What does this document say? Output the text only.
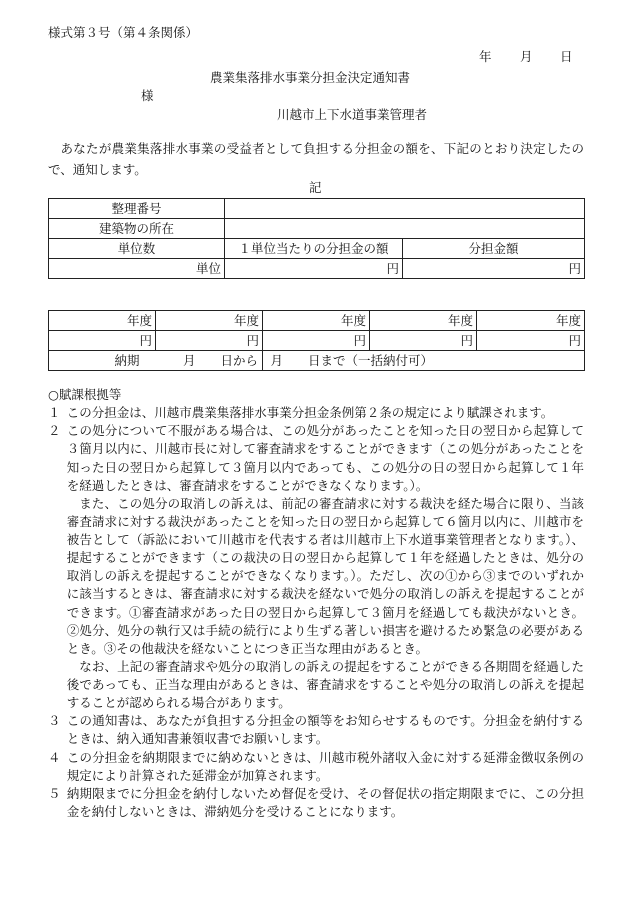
様式第３号（第４条関係）
年 月 日
農業集落排水事業分担金決定通知書
様
川越市上下水道事業管理者
あなたが農業集落排水事業の受益者として負担する分担金の額を、下記のとおり決定したので、通知します。
記
整理番号		
建築物の所在		
単位数	１単位当たりの分担金の額	分担金額
単位	円	円
年度	年度	年度	年度	年度
円	円	円	円	円
納期		月　　日から　月　　日まで（一括納付可）		

○賦課根拠等

１ この分担金は、川越市農業集落排水事業分担金条例第２条の規定により賦課されます。

２ この処分について不服がある場合は、この処分があったことを知った日の翌日から起算して３箇月以内に、川越市長に対して審査請求をすることができます（この処分があったことを知った日の翌日から起算して３箇月以内であっても、この処分の日の翌日から起算して１年を経過したときは、審査請求をすることができなくなります。）。

また、この処分の取消しの訴えは、前記の審査請求に対する裁決を経た場合に限り、当該審査請求に対する裁決があったことを知った日の翌日から起算して６箇月以内に、川越市を被告として（訴訟において川越市を代表する者は川越市上下水道事業管理者となります。）、提起することができます（この裁決の日の翌日から起算して１年を経過したときは、処分の取消しの訴えを提起することができなくなります。）。ただし、次の①から③までのいずれかに該当するときは、審査請求に対する裁決を経ないで処分の取消しの訴えを提起することができます。①審査請求があった日の翌日から起算して３箇月を経過しても裁決がないとき。②処分、処分の執行又は手続の続行により生ずる著しい損害を避けるため緊急の必要があるとき。③その他裁決を経ないことにつき正当な理由があるとき。

なお、上記の審査請求や処分の取消しの訴えの提起をすることができる各期間を経過した後であっても、正当な理由があるときは、審査請求をすることや処分の取消しの訴えを提起することが認められる場合があります。

３ この通知書は、あなたが負担する分担金の額等をお知らせするものです。分担金を納付するときは、納入通知書兼領収書でお願いします。

４ この分担金を納期限までに納めないときは、川越市税外諸収入金に対する延滞金徴収条例の規定により計算された延滞金が加算されます。

５ 納期限までに分担金を納付しないため督促を受け、その督促状の指定期限までに、この分担金を納付しないときは、滞納処分を受けることになります。
